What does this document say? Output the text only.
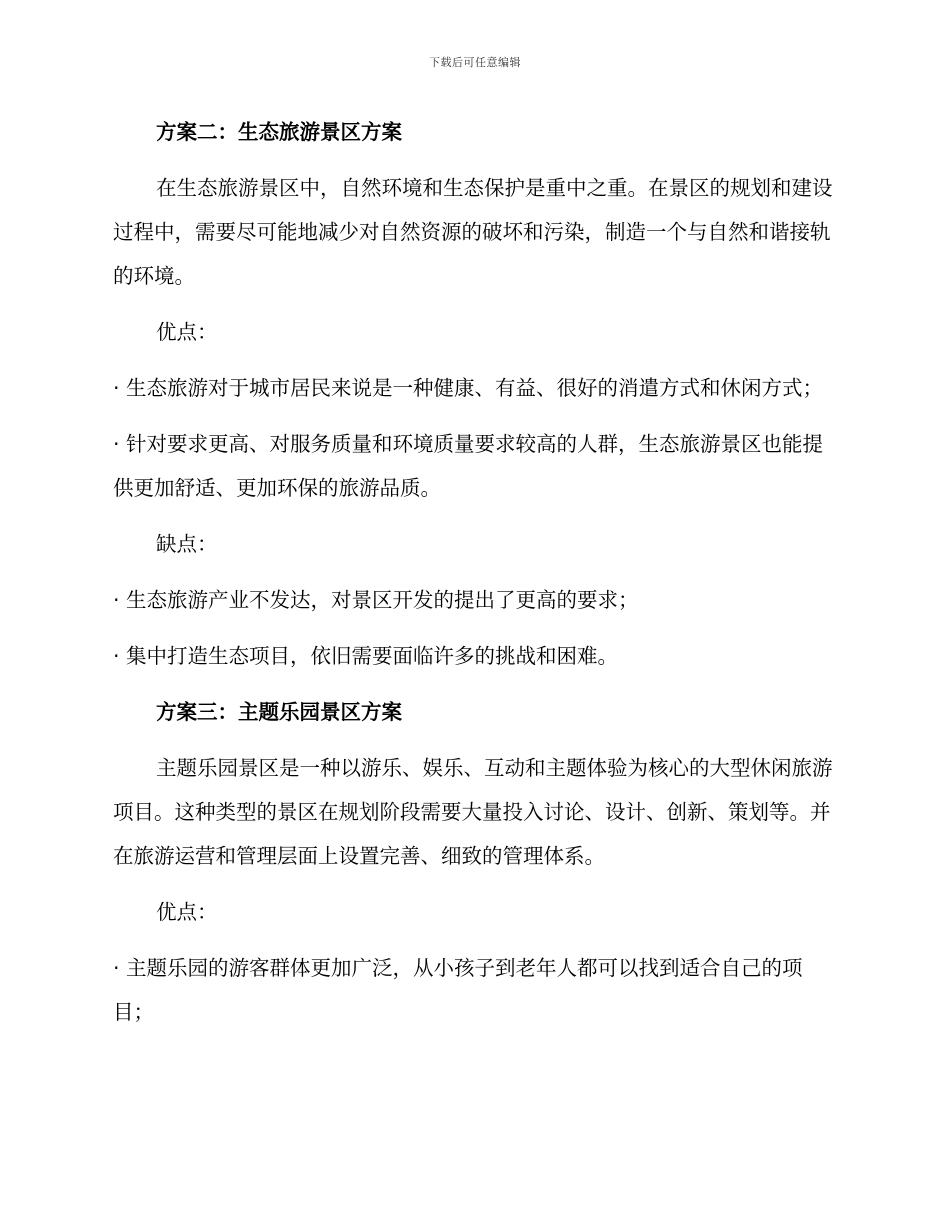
下载后可任意编辑

方案二：生态旅游景区方案

在生态旅游景区中，自然环境和生态保护是重中之重。在景区的规划和建设过程中，需要尽可能地减少对自然资源的破坏和污染，制造一个与自然和谐接轨的环境。

优点：

· 生态旅游对于城市居民来说是一种健康、有益、很好的消遣方式和休闲方式；

· 针对要求更高、对服务质量和环境质量要求较高的人群，生态旅游景区也能提供更加舒适、更加环保的旅游品质。

缺点：

· 生态旅游产业不发达，对景区开发的提出了更高的要求；

· 集中打造生态项目，依旧需要面临许多的挑战和困难。

方案三：主题乐园景区方案

主题乐园景区是一种以游乐、娱乐、互动和主题体验为核心的大型休闲旅游项目。这种类型的景区在规划阶段需要大量投入讨论、设计、创新、策划等。并在旅游运营和管理层面上设置完善、细致的管理体系。

优点：

· 主题乐园的游客群体更加广泛，从小孩子到老年人都可以找到适合自己的项目；
